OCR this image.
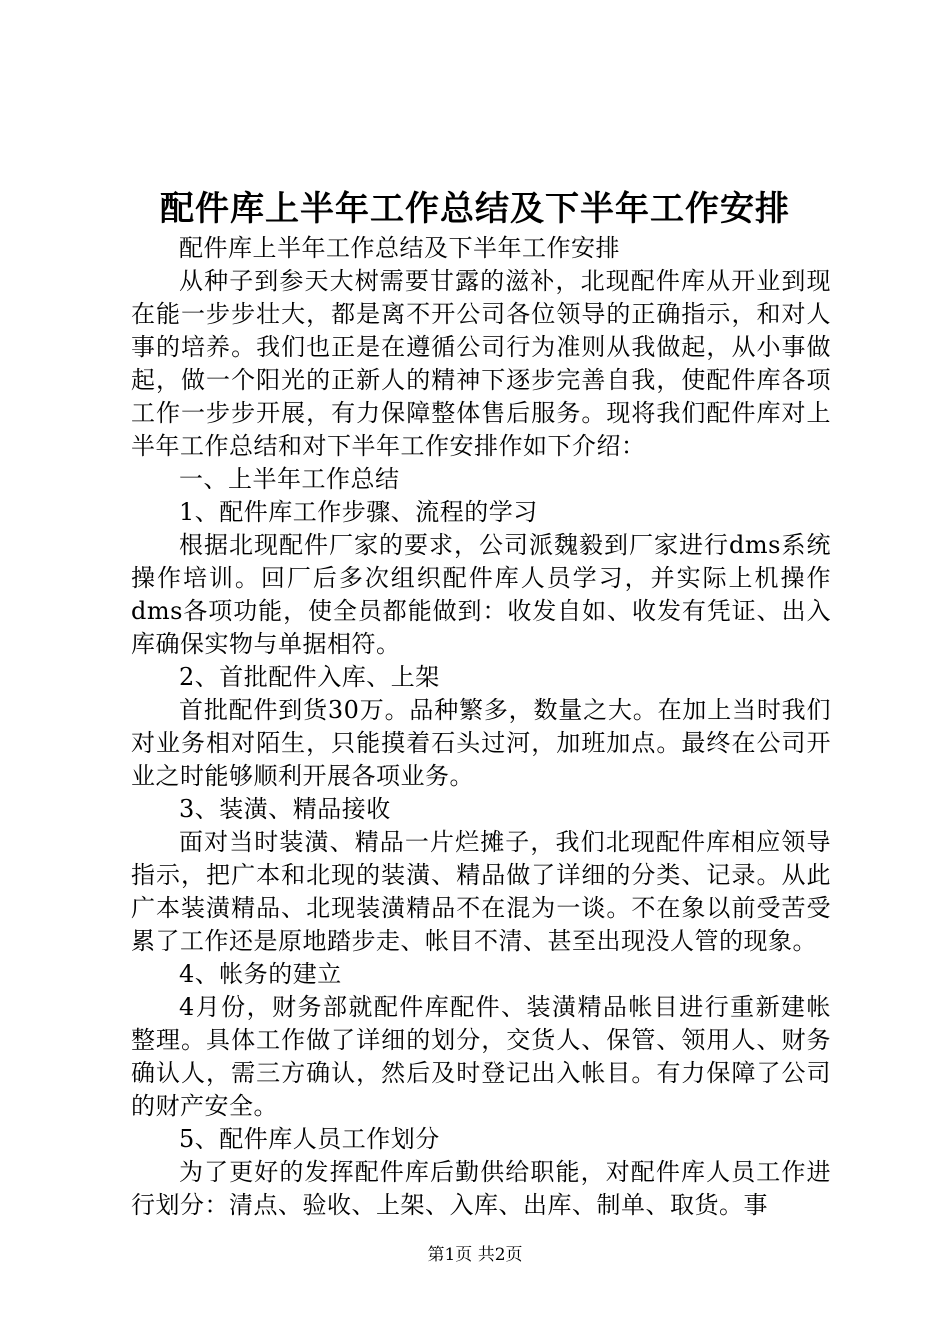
配件库上半年工作总结及下半年工作安排

配件库上半年工作总结及下半年工作安排

从种子到参天大树需要甘露的滋补，北现配件库从开业到现在能一步步壮大，都是离不开公司各位领导的正确指示，和对人事的培养。我们也正是在遵循公司行为准则从我做起，从小事做起，做一个阳光的正新人的精神下逐步完善自我，使配件库各项工作一步步开展，有力保障整体售后服务。现将我们配件库对上半年工作总结和对下半年工作安排作如下介绍：

一、上半年工作总结

1、配件库工作步骤、流程的学习

根据北现配件厂家的要求，公司派魏毅到厂家进行dms系统操作培训。回厂后多次组织配件库人员学习，并实际上机操作dms各项功能，使全员都能做到：收发自如、收发有凭证、出入库确保实物与单据相符。

2、首批配件入库、上架

首批配件到货30万。品种繁多，数量之大。在加上当时我们对业务相对陌生，只能摸着石头过河，加班加点。最终在公司开业之时能够顺利开展各项业务。

3、装潢、精品接收

面对当时装潢、精品一片烂摊子，我们北现配件库相应领导指示，把广本和北现的装潢、精品做了详细的分类、记录。从此广本装潢精品、北现装潢精品不在混为一谈。不在象以前受苦受累了工作还是原地踏步走、帐目不清、甚至出现没人管的现象。

4、帐务的建立

4月份，财务部就配件库配件、装潢精品帐目进行重新建帐整理。具体工作做了详细的划分，交货人、保管、领用人、财务确认人，需三方确认，然后及时登记出入帐目。有力保障了公司的财产安全。

5、配件库人员工作划分

为了更好的发挥配件库后勤供给职能，对配件库人员工作进行划分：清点、验收、上架、入库、出库、制单、取货。事

第1页 共2页
